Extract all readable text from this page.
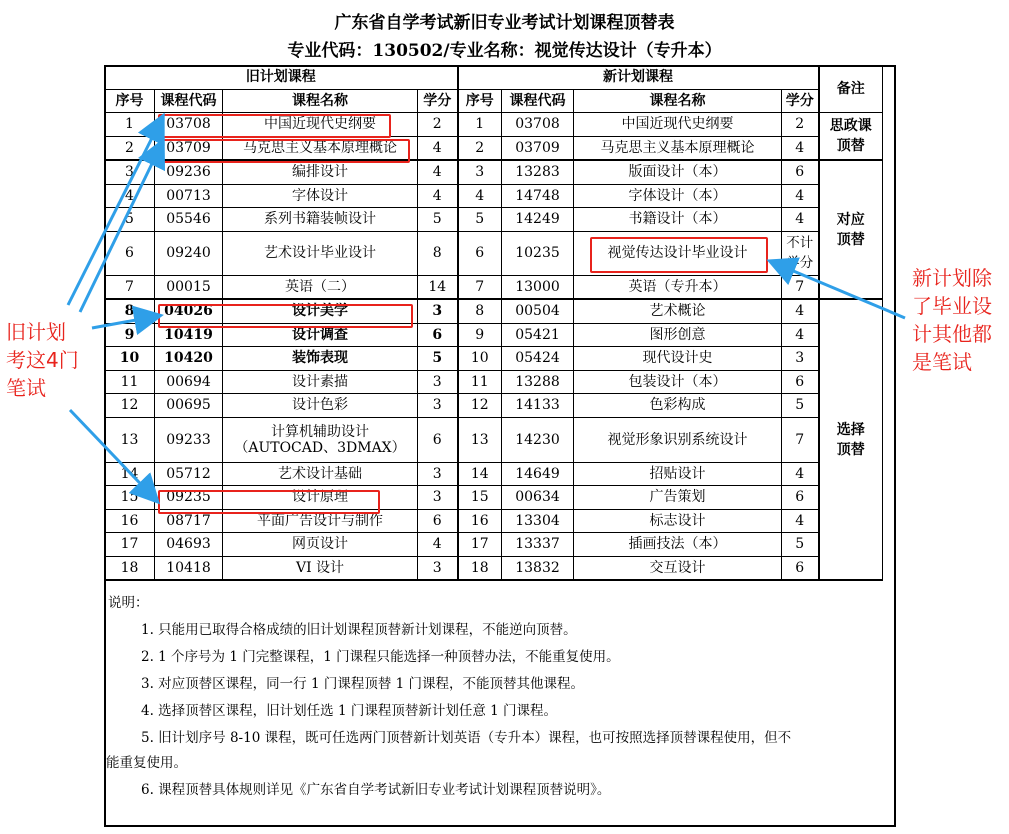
广东省自学考试新旧专业考试计划课程顶替表
专业代码：130502/专业名称：视觉传达设计（专升本）
旧计划课程				新计划课程				备注
序号	课程代码	课程名称	学分	序号	课程代码	课程名称	学分	
1	03708	中国近现代史纲要	2	1	03708	中国近现代史纲要	2	思政课
顶替
2	03709	马克思主义基本原理概论	4	2	03709	马克思主义基本原理概论	4	
3	09236	编排设计	4	3	13283	版面设计（本）	6	对应
顶替
4	00713	字体设计	4	4	14748	字体设计（本）	4	
5	05546	系列书籍装帧设计	5	5	14249	书籍设计（本）	4	
6	09240	艺术设计毕业设计	8	6	10235	视觉传达设计毕业设计	不计学分	
7	00015	英语（二）	14	7	13000	英语（专升本）	7	
8	04026	设计美学	3	8	00504	艺术概论	4	选择
顶替
9	10419	设计调查	6	9	05421	图形创意	4	
10	10420	装饰表现	5	10	05424	现代设计史	3	
11	00694	设计素描	3	11	13288	包装设计（本）	6	
12	00695	设计色彩	3	12	14133	色彩构成	5	
13	09233	计算机辅助设计
（AUTOCAD、3DMAX）	6	13	14230	视觉形象识别系统设计	7	
14	05712	艺术设计基础	3	14	14649	招贴设计	4	
15	09235	设计原理	3	15	00634	广告策划	6	
16	08717	平面广告设计与制作	6	16	13304	标志设计	4	
17	04693	网页设计	4	17	13337	插画技法（本）	5	
18	10418	VI 设计	3	18	13832	交互设计	6	
说明：
1. 只能用已取得合格成绩的旧计划课程顶替新计划课程，不能逆向顶替。
2. 1 个序号为 1 门完整课程，1 门课程只能选择一种顶替办法，不能重复使用。
3. 对应顶替区课程，同一行 1 门课程顶替 1 门课程，不能顶替其他课程。
4. 选择顶替区课程，旧计划任选 1 门课程顶替新计划任意 1 门课程。
5. 旧计划序号 8-10 课程，既可任选两门顶替新计划英语（专升本）课程，也可按照选择顶替课程使用，但不
能重复使用。
6. 课程顶替具体规则详见《广东省自学考试新旧专业考试计划课程顶替说明》。
旧计划
考这4门
笔试
新计划除
了毕业设
计其他都
是笔试
